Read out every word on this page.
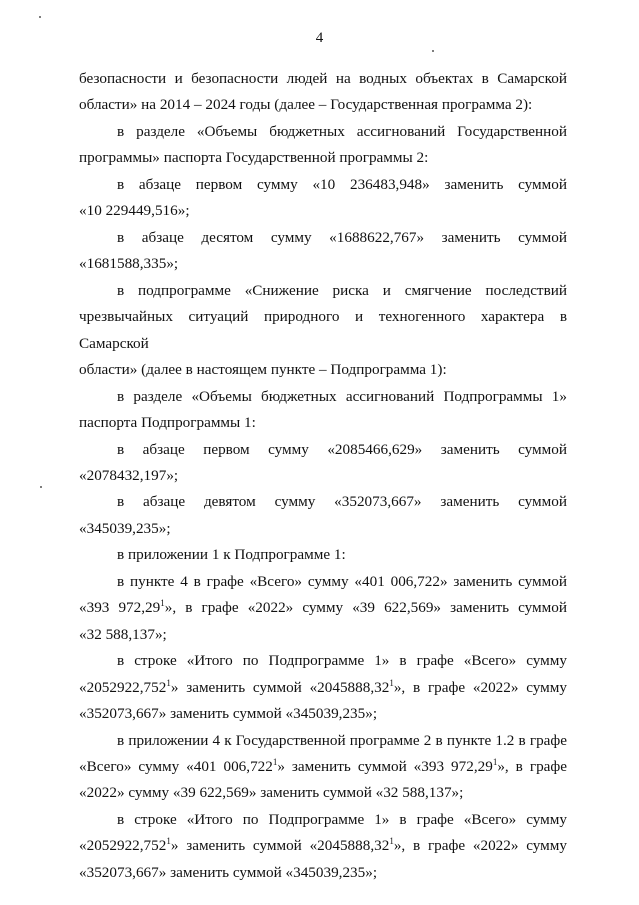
4
безопасности и безопасности людей на водных объектах в Самарской
области» на 2014 – 2024 годы (далее – Государственная программа 2):
в разделе «Объемы бюджетных ассигнований Государственной
программы» паспорта Государственной программы 2:
в абзаце первом сумму «10 236483,948» заменить суммой
«10 229449,516»;
в абзаце десятом сумму «1688622,767» заменить суммой
«1681588,335»;
в подпрограмме «Снижение риска и смягчение последствий
чрезвычайных ситуаций природного и техногенного характера в Самарской
области» (далее в настоящем пункте – Подпрограмма 1):
в разделе «Объемы бюджетных ассигнований Подпрограммы 1»
паспорта Подпрограммы 1:
в абзаце первом сумму «2085466,629» заменить суммой
«2078432,197»;
в абзаце девятом сумму «352073,667» заменить суммой
«345039,235»;
в приложении 1 к Подпрограмме 1:
в пункте 4 в графе «Всего» сумму «401 006,722» заменить суммой
«393 972,29$^1$», в графе «2022» сумму «39 622,569» заменить суммой
«32 588,137»;
в строке «Итого по Подпрограмме 1» в графе «Всего» сумму
«2052922,752$^1$» заменить суммой «2045888,32$^1$», в графе «2022» сумму
«352073,667» заменить суммой «345039,235»;
в приложении 4 к Государственной программе 2 в пункте 1.2 в графе
«Всего» сумму «401 006,722$^1$» заменить суммой «393 972,29$^1$», в графе
«2022» сумму «39 622,569» заменить суммой «32 588,137»;
в строке «Итого по Подпрограмме 1» в графе «Всего» сумму
«2052922,752$^1$» заменить суммой «2045888,32$^1$», в графе «2022» сумму
«352073,667» заменить суммой «345039,235»;
